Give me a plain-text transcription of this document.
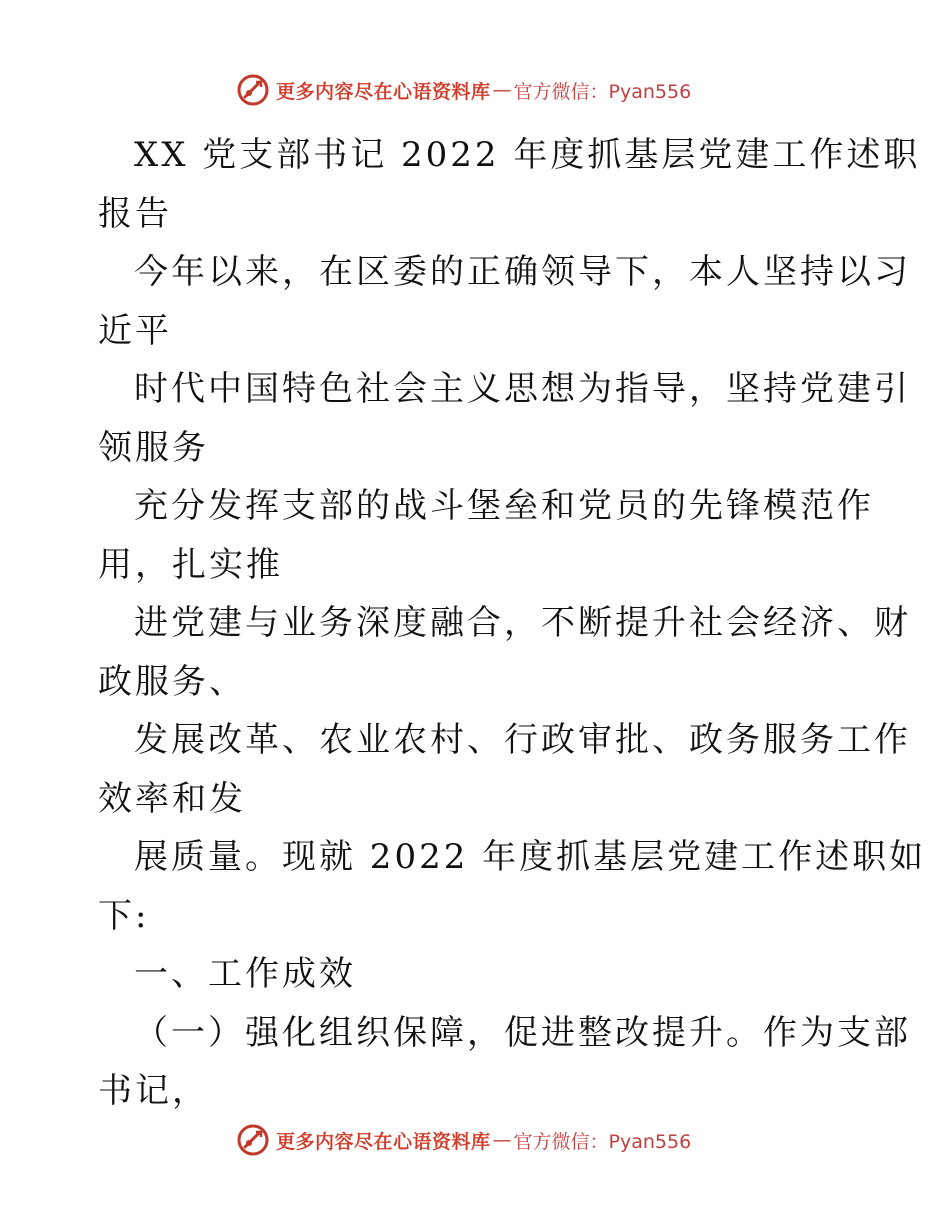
更多内容尽在心语资料库 — 官方微信：Pyan556
XX 党支部书记 2022 年度抓基层党建工作述职
报告
今年以来，在区委的正确领导下，本人坚持以习
近平
时代中国特色社会主义思想为指导，坚持党建引
领服务
充分发挥支部的战斗堡垒和党员的先锋模范作
用，扎实推
进党建与业务深度融合，不断提升社会经济、财
政服务、
发展改革、农业农村、行政审批、政务服务工作
效率和发
展质量。现就 2022 年度抓基层党建工作述职如
下:
一、工作成效
（一）强化组织保障，促进整改提升。作为支部
书记，
更多内容尽在心语资料库 — 官方微信：Pyan556
